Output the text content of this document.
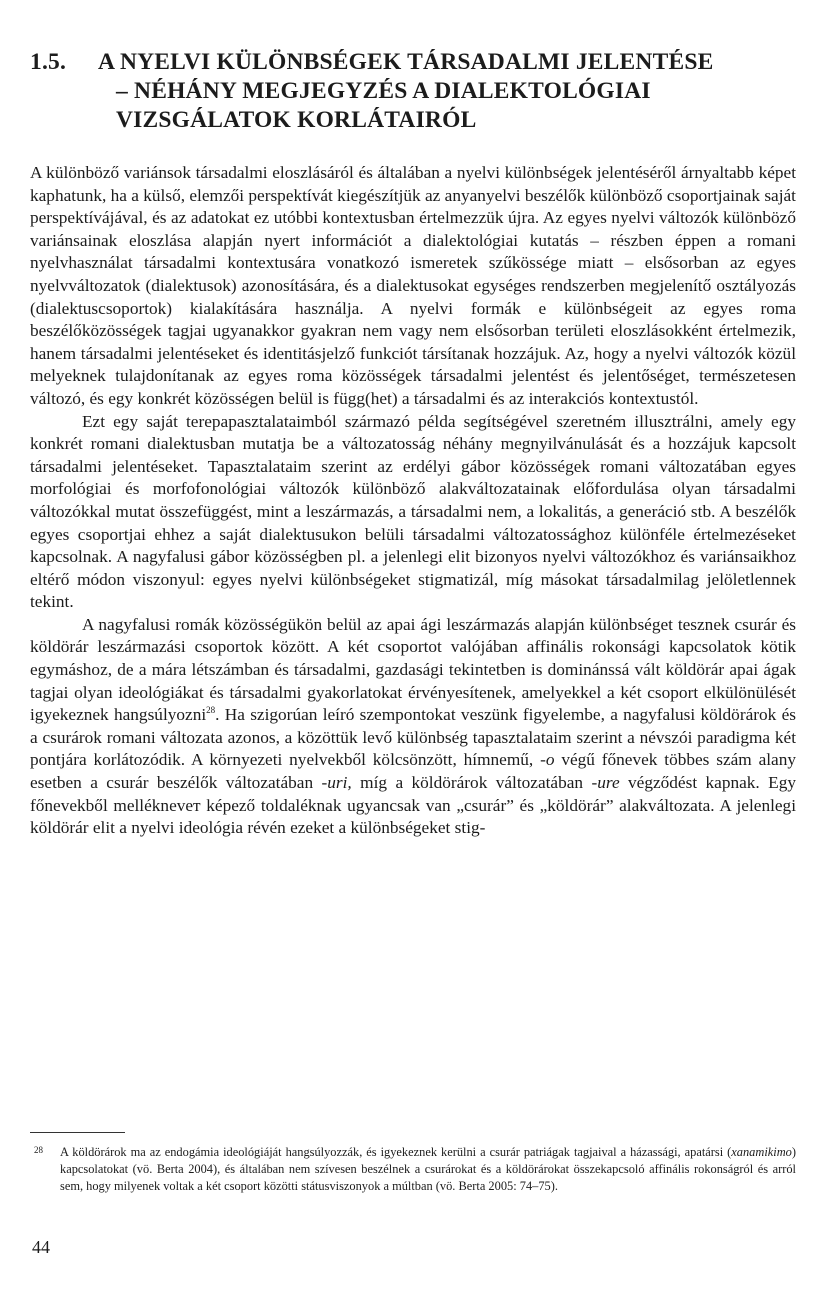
1.5. A NYELVI KÜLÖNBSÉGEK TÁRSADALMI JELENTÉSE
– NÉHÁNY MEGJEGYZÉS A DIALEKTOLÓGIAI
VIZSGÁLATOK KORLÁTAIRÓL

A különböző variánsok társadalmi eloszlásáról és általában a nyelvi különbségek jelentéséről árnyaltabb képet kaphatunk, ha a külső, elemzői perspektívát kiegészítjük az anyanyelvi beszélők különböző csoportjainak saját perspektívájával, és az adatokat ez utóbbi kontextusban értelmezzük újra. Az egyes nyelvi változók különböző variánsainak eloszlása alapján nyert információt a dialektológiai kutatás – részben éppen a romani nyelvhasználat társadalmi kontextusára vonatkozó ismeretek szűkössége miatt – elsősorban az egyes nyelvváltozatok (dialektusok) azonosítására, és a dialektusokat egységes rendszerben megjelenítő osztályozás (dialektuscsoportok) kialakítására használja. A nyelvi formák e különbségeit az egyes roma beszélőközösségek tagjai ugyanakkor gyakran nem vagy nem elsősorban területi eloszlásokként értelmezik, hanem társadalmi jelentéseket és identitásjelző funkciót társítanak hozzájuk. Az, hogy a nyelvi változók közül melyeknek tulajdonítanak az egyes roma közösségek társadalmi jelentést és jelentőséget, természetesen változó, és egy konkrét közösségen belül is függ(het) a társadalmi és az interakciós kontextustól.

Ezt egy saját terepapasztalataimból származó példa segítségével szeretném illusztrálni, amely egy konkrét romani dialektusban mutatja be a változatosság néhány megnyilvánulását és a hozzájuk kapcsolt társadalmi jelentéseket. Tapasztalataim szerint az erdélyi gábor közösségek romani változatában egyes morfológiai és morfofonológiai változók különböző alakváltozatainak előfordulása olyan társadalmi változókkal mutat összefüggést, mint a leszármazás, a társadalmi nem, a lokalitás, a generáció stb. A beszélők egyes csoportjai ehhez a saját dialektusukon belüli társadalmi változatossághoz különféle értelmezéseket kapcsolnak. A nagyfalusi gábor közösségben pl. a jelenlegi elit bizonyos nyelvi változókhoz és variánsaikhoz eltérő módon viszonyul: egyes nyelvi különbségeket stigmatizál, míg másokat társadalmilag jelöletlennek tekint.

A nagyfalusi romák közösségükön belül az apai ági leszármazás alapján különbséget tesznek csurár és köldörár leszármazási csoportok között. A két csoportot valójában affinális rokonsági kapcsolatok kötik egymáshoz, de a mára létszámban és társadalmi, gazdasági tekintetben is dominánssá vált köldörár apai ágak tagjai olyan ideológiákat és társadalmi gyakorlatokat érvényesítenek, amelyekkel a két csoport elkülönülését igyekeznek hangsúlyozni$^{28}$. Ha szigorúan leíró szempontokat veszünk figyelembe, a nagyfalusi köldörárok és a csurárok romani változata azonos, a közöttük levő különbség tapasztalataim szerint a névszói paradigma két pontjára korlátozódik. A környezeti nyelvekből kölcsönzött, hímnemű, -o végű főnevek többes szám alany esetben a csurár beszélők változatában -uri, míg a köldörárok változatában -ure végződést kapnak. Egy főnevekből mellékneveт képező toldaléknak ugyancsak van „csurár” és „köldörár” alakváltozata. A jelenlegi köldörár elit a nyelvi ideológia révén ezeket a különbségeket stig-

28 A köldörárok ma az endogámia ideológiáját hangsúlyozzák, és igyekeznek kerülni a csurár patriágak tagjaival a házassági, apatársi (xanamikimo) kapcsolatokat (vö. Berta 2004), és általában nem szívesen beszélnek a csurárokat és a köldörárokat összekapcsoló affinális rokonságról és arról sem, hogy milyenek voltak a két csoport közötti státusviszonyok a múltban (vö. Berta 2005: 74–75).
44
